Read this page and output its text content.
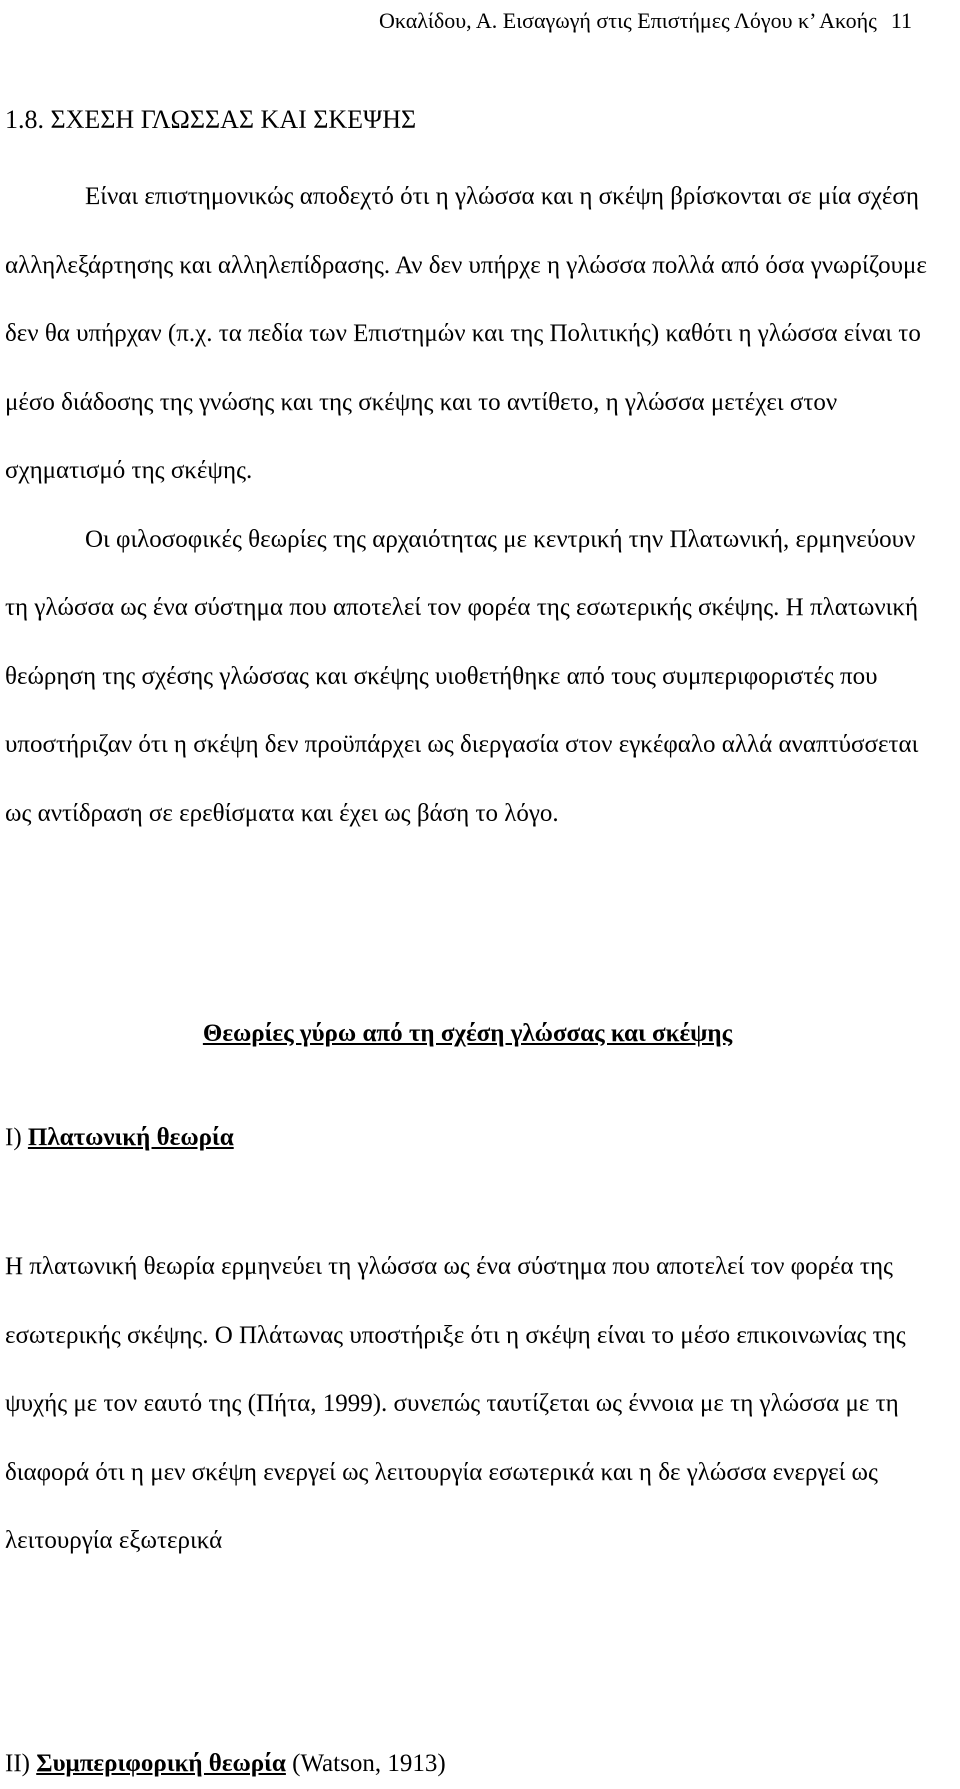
Οκαλίδου, Α. Εισαγωγή στις Επιστήμες Λόγου κ’ Ακοής 11
1.8. ΣΧΕΣΗ ΓΛΩΣΣΑΣ ΚΑΙ ΣΚΕΨΗΣ

Είναι επιστημονικώς αποδεχτό ότι η γλώσσα και η σκέψη βρίσκονται σε μία σχέση αλληλεξάρτησης και αλληλεπίδρασης. Αν δεν υπήρχε η γλώσσα πολλά από όσα γνωρίζουμε δεν θα υπήρχαν (π.χ. τα πεδία των Επιστημών και της Πολιτικής) καθότι η γλώσσα είναι το μέσο διάδοσης της γνώσης και της σκέψης και το αντίθετο, η γλώσσα μετέχει στον σχηματισμό της σκέψης.

Οι φιλοσοφικές θεωρίες της αρχαιότητας με κεντρική την Πλατωνική, ερμηνεύουν τη γλώσσα ως ένα σύστημα που αποτελεί τον φορέα της εσωτερικής σκέψης. Η πλατωνική θεώρηση της σχέσης γλώσσας και σκέψης υιοθετήθηκε από τους συμπεριφοριστές που υποστήριζαν ότι η σκέψη δεν προϋπάρχει ως διεργασία στον εγκέφαλο αλλά αναπτύσσεται ως αντίδραση σε ερεθίσματα και έχει ως βάση το λόγο.

Θεωρίες γύρω από τη σχέση γλώσσας και σκέψης
Ι) Πλατωνική θεωρία

Η πλατωνική θεωρία ερμηνεύει τη γλώσσα ως ένα σύστημα που αποτελεί τον φορέα της εσωτερικής σκέψης. Ο Πλάτωνας υποστήριξε ότι η σκέψη είναι το μέσο επικοινωνίας της ψυχής με τον εαυτό της (Πήτα, 1999). συνεπώς ταυτίζεται ως έννοια με τη γλώσσα με τη διαφορά ότι η μεν σκέψη ενεργεί ως λειτουργία εσωτερικά και η δε γλώσσα ενεργεί ως λειτουργία εξωτερικά

ΙΙ) Συμπεριφορική θεωρία (Watson, 1913)
